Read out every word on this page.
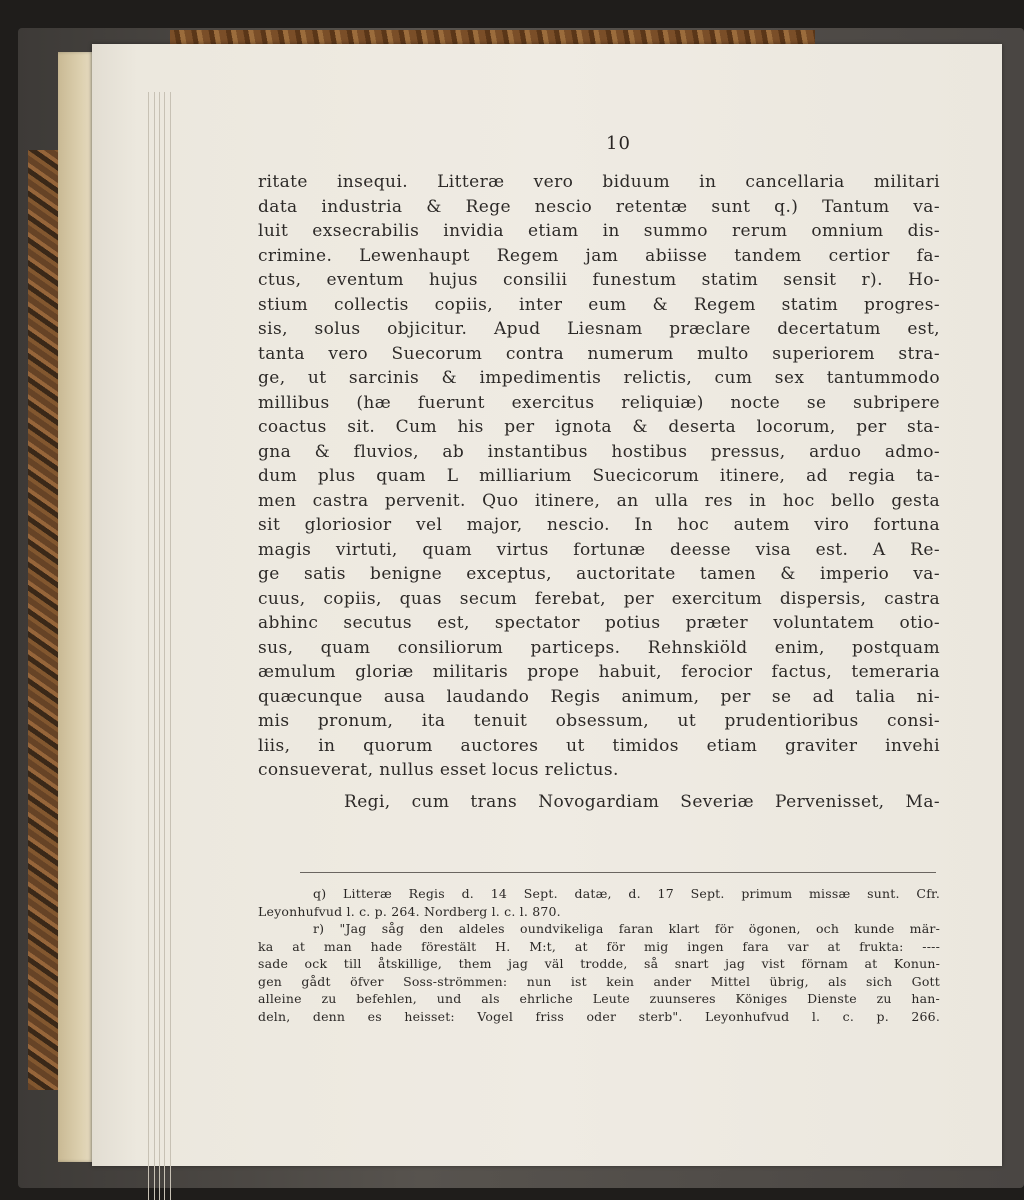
10
ritate insequi. Litteræ vero biduum in cancellaria militari
data industria & Rege nescio retentæ sunt q.) Tantum va-
luit exsecrabilis invidia etiam in summo rerum omnium dis-
crimine. Lewenhaupt Regem jam abiisse tandem certior fa-
ctus, eventum hujus consilii funestum statim sensit r). Ho-
stium collectis copiis, inter eum & Regem statim progres-
sis, solus objicitur. Apud Liesnam præclare decertatum est,
tanta vero Suecorum contra numerum multo superiorem stra-
ge, ut sarcinis & impedimentis relictis, cum sex tantummodo
millibus (hæ fuerunt exercitus reliquiæ) nocte se subripere
coactus sit. Cum his per ignota & deserta locorum, per sta-
gna & fluvios, ab instantibus hostibus pressus, arduo admo-
dum plus quam L milliarium Suecicorum itinere, ad regia ta-
men castra pervenit. Quo itinere, an ulla res in hoc bello gesta
sit gloriosior vel major, nescio. In hoc autem viro fortuna
magis virtuti, quam virtus fortunæ deesse visa est. A Re-
ge satis benigne exceptus, auctoritate tamen & imperio va-
cuus, copiis, quas secum ferebat, per exercitum dispersis, castra
abhinc secutus est, spectator potius præter voluntatem otio-
sus, quam consiliorum particeps. Rehnskiöld enim, postquam
æmulum gloriæ militaris prope habuit, ferocior factus, temeraria
quæcunque ausa laudando Regis animum, per se ad talia ni-
mis pronum, ita tenuit obsessum, ut prudentioribus consi-
liis, in quorum auctores ut timidos etiam graviter invehi
consueverat, nullus esset locus relictus.
Regi, cum trans Novogardiam Severiæ Pervenisset, Ma-
q) Litteræ Regis d. 14 Sept. datæ, d. 17 Sept. primum missæ sunt. Cfr.
Leyonhufvud l. c. p. 264. Nordberg l. c. l. 870.
r) "Jag såg den aldeles oundvikeliga faran klart för ögonen, och kunde mär-
ka at man hade förestält H. M:t, at för mig ingen fara var at frukta: ----
sade ock till åtskillige, them jag väl trodde, så snart jag vist förnam at Konun-
gen gådt öfver Soss-strömmen: nun ist kein ander Mittel übrig, als sich Gott
alleine zu befehlen, und als ehrliche Leute zuunseres Königes Dienste zu han-
deln, denn es heisset: Vogel friss oder sterb". Leyonhufvud l. c. p. 266.
